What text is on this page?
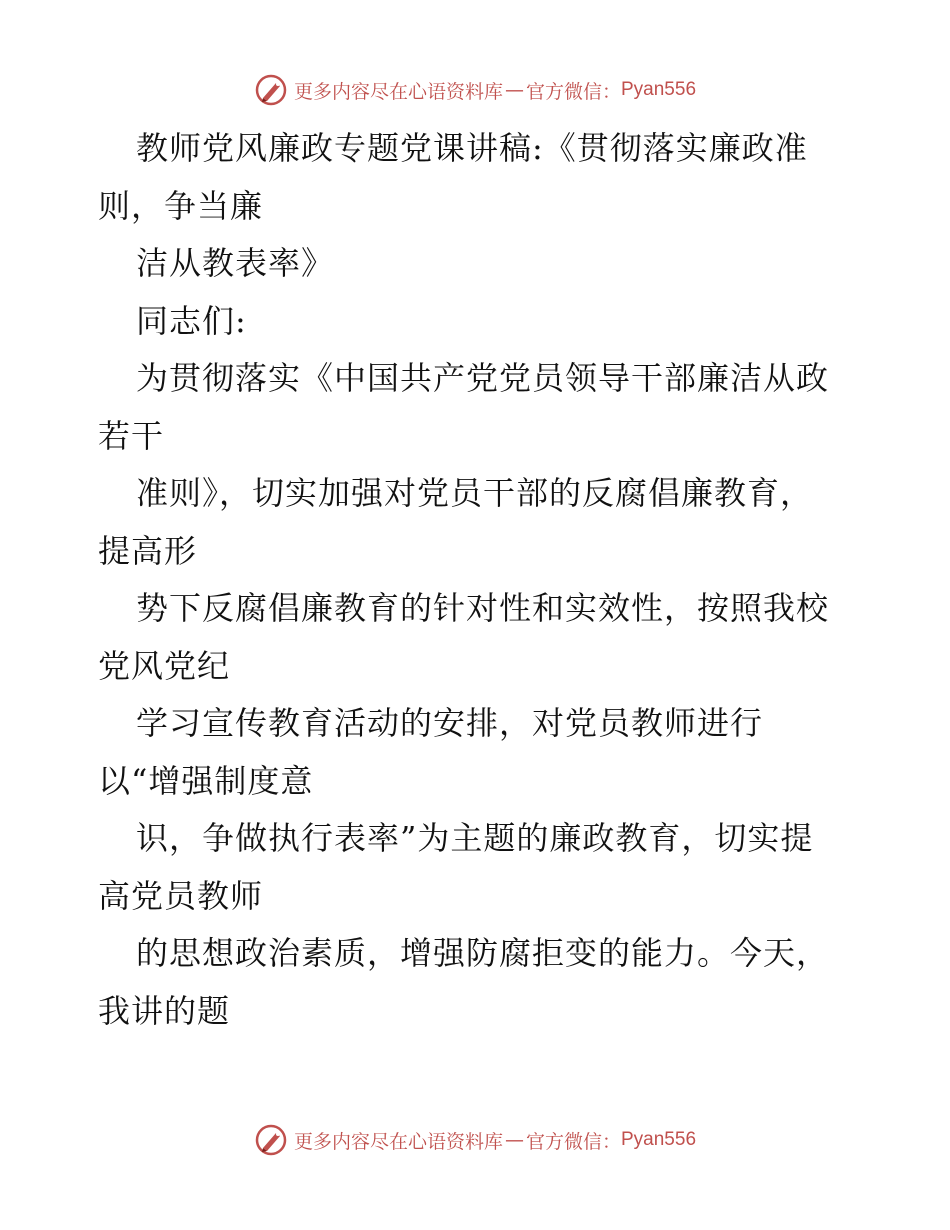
更多内容尽在心语资料库 — 官方微信： Pyan556
教师党风廉政专题党课讲稿:《贯彻落实廉政准
则，争当廉
洁从教表率》
同志们:
为贯彻落实《中国共产党党员领导干部廉洁从政
若干
准则》，切实加强对党员干部的反腐倡廉教育，
提高形
势下反腐倡廉教育的针对性和实效性，按照我校
党风党纪
学习宣传教育活动的安排，对党员教师进行
以“增强制度意
识，争做执行表率”为主题的廉政教育，切实提
高党员教师
的思想政治素质，增强防腐拒变的能力。今天，
我讲的题
更多内容尽在心语资料库 — 官方微信： Pyan556
